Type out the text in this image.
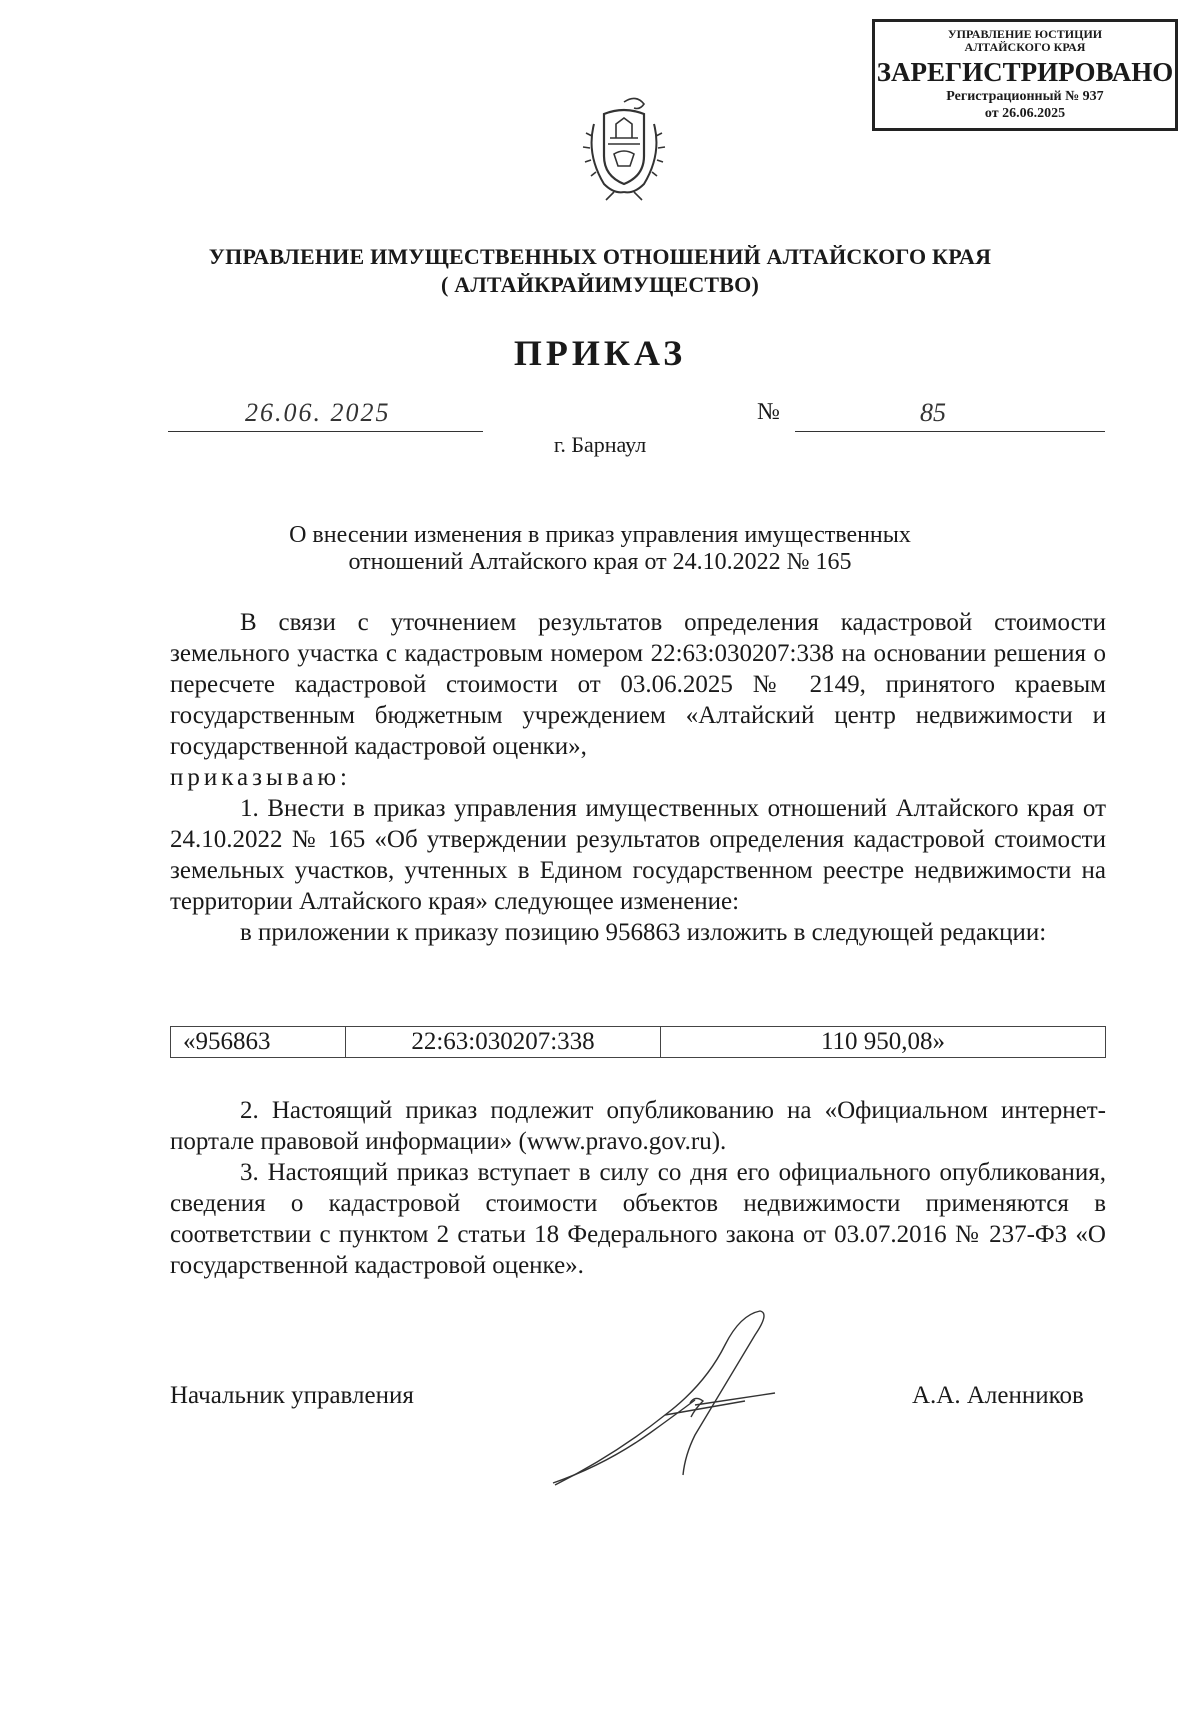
УПРАВЛЕНИЕ ЮСТИЦИИ
АЛТАЙСКОГО КРАЯ
ЗАРЕГИСТРИРОВАНО
Регистрационный № 937
от 26.06.2025
УПРАВЛЕНИЕ ИМУЩЕСТВЕННЫХ ОТНОШЕНИЙ АЛТАЙСКОГО КРАЯ
( АЛТАЙКРАЙИМУЩЕСТВО)
ПРИКАЗ
26.06. 2025	№	85
г. Барнаул
О внесении изменения в приказ управления имущественных
отношений Алтайского края от 24.10.2022 № 165
В связи с уточнением результатов определения кадастровой стоимости земельного участка с кадастровым номером 22:63:030207:338 на основании решения о пересчете кадастровой стоимости от 03.06.2025 № 2149, принятого краевым государственным бюджетным учреждением «Алтайский центр недвижимости и государственной кадастровой оценки»,
приказываю:
1. Внести в приказ управления имущественных отношений Алтайского края от 24.10.2022 № 165 «Об утверждении результатов определения кадастровой стоимости земельных участков, учтенных в Едином государственном реестре недвижимости на территории Алтайского края» следующее изменение:
в приложении к приказу позицию 956863 изложить в следующей редакции:
«956863	22:63:030207:338	110 950,08»
2. Настоящий приказ подлежит опубликованию на «Официальном интернет-портале правовой информации» (www.pravo.gov.ru).
3. Настоящий приказ вступает в силу со дня его официального опубликования, сведения о кадастровой стоимости объектов недвижимости применяются в соответствии с пунктом 2 статьи 18 Федерального закона от 03.07.2016 № 237-ФЗ «О государственной кадастровой оценке».
Начальник управления	А.А. Аленников
